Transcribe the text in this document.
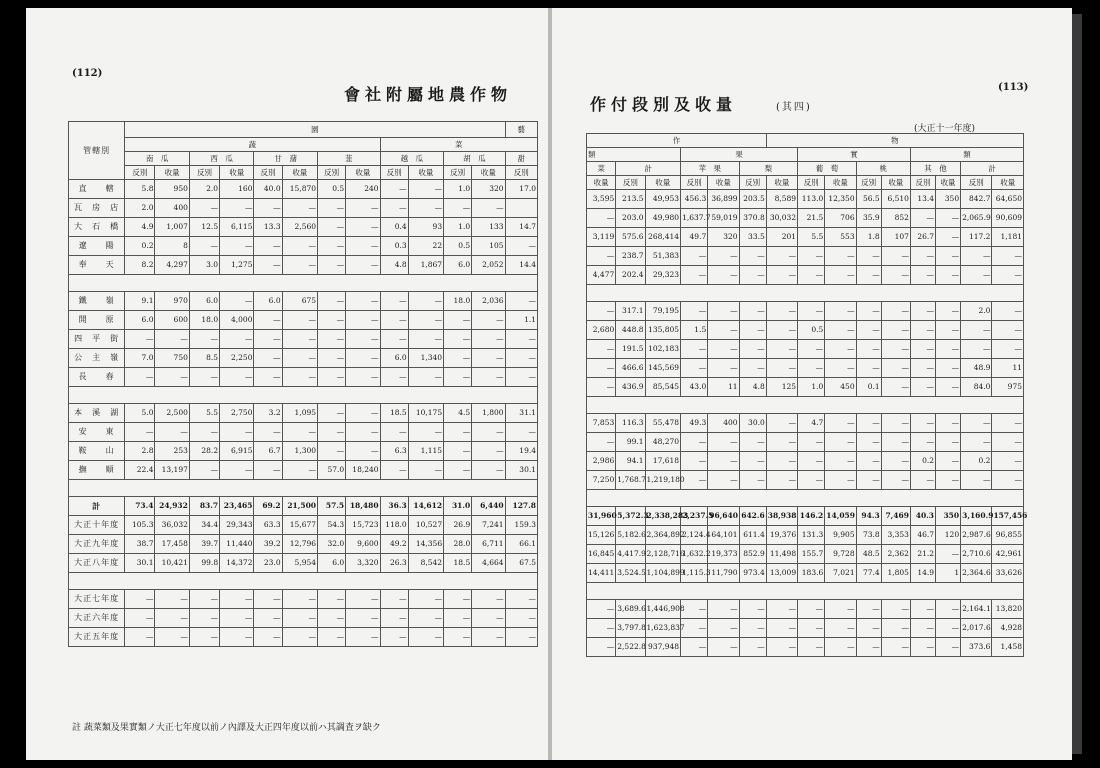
(112)
會社附屬地農作物
管轄別	園												藝
	蔬								菜				
	南　瓜		西　瓜		甘　藷		韮		越　瓜		胡　瓜		甜
	反別	收量	反別	收量	反別	收量	反別	收量	反別	收量	反別	收量	反別
直　　轄	5.8	950	2.0	160	40.0	15,870	0.5	240	—	—	1.0	320	17.0
瓦　房　店	2.0	400	—	—	—	—	—	—	—	—	—	—	
大　石　橋	4.9	1,007	12.5	6,115	13.3	2,560	—	—	0.4	93	1.0	133	14.7
遼　　陽	0.2	8	—	—	—	—	—	—	0.3	22	0.5	105	—
奉　　天	8.2	4,297	3.0	1,275	—	—	—	—	4.8	1,867	6.0	2,052	14.4

鐵　　嶺	9.1	970	6.0	—	6.0	675	—	—	—	—	18.0	2,036	—
開　　原	6.0	600	18.0	4,000	—	—	—	—	—	—	—	—	1.1
四　平　街	—	—	—	—	—	—	—	—	—	—	—	—	—
公　主　嶺	7.0	750	8.5	2,250	—	—	—	—	6.0	1,340	—	—	—
長　　春	—	—	—	—	—	—	—	—	—	—	—	—	—

本　溪　湖	5.0	2,500	5.5	2,750	3.2	1,095	—	—	18.5	10,175	4.5	1,800	31.1
安　　東	—	—	—	—	—	—	—	—	—	—	—	—	—
鞍　　山	2.8	253	28.2	6,915	6.7	1,300	—	—	6.3	1,115	—	—	19.4
撫　　順	22.4	13,197	—	—	—	—	57.0	18,240	—	—	—	—	30.1

計	73.4	24,932	83.7	23,465	69.2	21,500	57.5	18,480	36.3	14,612	31.0	6,440	127.8
大正十年度	105.3	36,032	34.4	29,343	63.3	15,677	54.3	15,723	118.0	10,527	26.9	7,241	159.3
大正九年度	38.7	17,458	39.7	11,440	39.2	12,796	32.0	9,600	49.2	14,356	28.0	6,711	66.1
大正八年度	30.1	10,421	99.8	14,372	23.0	5,954	6.0	3,320	26.3	8,542	18.5	4,664	67.5

大正七年度	—	—	—	—	—	—	—	—	—	—	—	—	—
大正六年度	—	—	—	—	—	—	—	—	—	—	—	—	—
大正五年度	—	—	—	—	—	—	—	—	—	—	—	—	—
註 蔬菜類及果實類ノ大正七年度以前ノ內譯及大正四年度以前ハ其調査ヲ缺ク
作付段別及收量	(其四)
(113)
(大正十一年度)
作						物								
類			果				實				類			
菜	計		苹　果		梨		葡　萄		桃		其　他		計	
收量	反別	收量	反別	收量	反別	收量	反別	收量	反別	收量	反別	收量	反別	收量
3,595	213.5	49,953	456.3	36,899	203.5	8,589	113.0	12,350	56.5	6,510	13.4	350	842.7	64,650
—	203.0	49,980	1,637.7	59,019	370.8	30,032	21.5	706	35.9	852	—	—	2,065.9	90,609
3,119	575.6	268,414	49.7	320	33.5	201	5.5	553	1.8	107	26.7	—	117.2	1,181
—	238.7	51,383	—	—	—	—	—	—	—	—	—	—	—	—
4,477	202.4	29,323	—	—	—	—	—	—	—	—	—	—	—	—

—	317.1	79,195	—	—	—	—	—	—	—	—	—	—	2.0	—
2,680	448.8	135,805	1.5	—	—	—	0.5	—	—	—	—	—	—	—
—	191.5	102,183	—	—	—	—	—	—	—	—	—	—	—	—
—	466.6	145,569	—	—	—	—	—	—	—	—	—	—	48.9	11
—	436.9	85,545	43.0	11	4.8	125	1.0	450	0.1	—	—	—	84.0	975

7,853	116.3	55,478	49.3	400	30.0	—	4.7	—	—	—	—	—	—	—
—	99.1	48,270	—	—	—	—	—	—	—	—	—	—	—	—
2,986	94.1	17,618	—	—	—	—	—	—	—	—	0.2	—	0.2	—
7,250	1,768.7	1,219,180	—	—	—	—	—	—	—	—	—	—	—	—

31,960	5,372.3	2,338,283	2,237.5	96,640	642.6	38,938	146.2	14,059	94.3	7,469	40.3	350	3,160.9	157,456
15,126	5,182.6	2,364,892	2,124.4	64,101	611.4	19,376	131.3	9,905	73.8	3,353	46.7	120	2,987.6	96,855
16,845	4,417.9	2,128,716	1,632.2	19,373	852.9	11,498	155.7	9,728	48.5	2,362	21.2	—	2,710.6	42,961
14,411	3,524.5	1,104,899	1,115.3	11,790	973.4	13,009	183.6	7,021	77.4	1,805	14.9	1	2,364.6	33,626

—	3,689.6	1,446,908	—	—	—	—	—	—	—	—	—	—	2,164.1	13,820
—	3,797.8	1,623,837	—	—	—	—	—	—	—	—	—	—	2,017.6	4,928
—	2,522.8	937,948	—	—	—	—	—	—	—	—	—	—	373.6	1,458
